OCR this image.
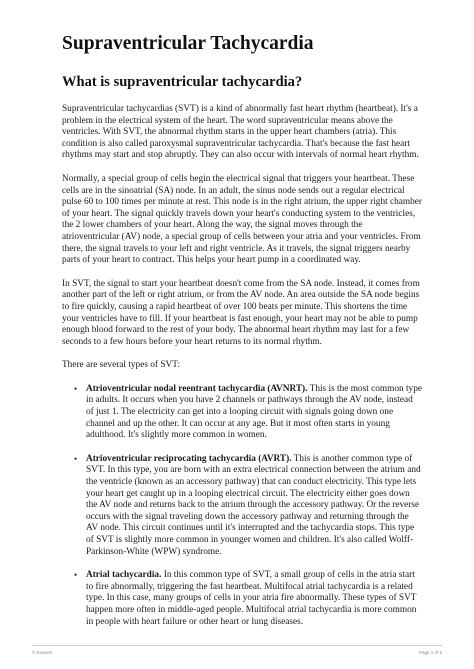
Supraventricular Tachycardia
What is supraventricular tachycardia?

Supraventricular tachycardias (SVT) is a kind of abnormally fast heart rhythm (heartbeat). It's a problem in the electrical system of the heart. The word supraventricular means above the ventricles. With SVT, the abnormal rhythm starts in the upper heart chambers (atria). This condition is also called paroxysmal supraventricular tachycardia. That's because the fast heart rhythms may start and stop abruptly. They can also occur with intervals of normal heart rhythm.

Normally, a special group of cells begin the electrical signal that triggers your heartbeat. These cells are in the sinoatrial (SA) node. In an adult, the sinus node sends out a regular electrical pulse 60 to 100 times per minute at rest. This node is in the right atrium, the upper right chamber of your heart. The signal quickly travels down your heart's conducting system to the ventricles, the 2 lower chambers of your heart. Along the way, the signal moves through the atrioventricular (AV) node, a special group of cells between your atria and your ventricles. From there, the signal travels to your left and right ventricle. As it travels, the signal triggers nearby parts of your heart to contract. This helps your heart pump in a coordinated way.

In SVT, the signal to start your heartbeat doesn't come from the SA node. Instead, it comes from another part of the left or right atrium, or from the AV node. An area outside the SA node begins to fire quickly, causing a rapid heartbeat of over 100 beats per minute. This shortens the time your ventricles have to fill. If your heartbeat is fast enough, your heart may not be able to pump enough blood forward to the rest of your body. The abnormal heart rhythm may last for a few seconds to a few hours before your heart returns to its normal rhythm.

There are several types of SVT:

• Atrioventricular nodal reentrant tachycardia (AVNRT). This is the most common type in adults. It occurs when you have 2 channels or pathways through the AV node, instead of just 1. The electricity can get into a looping circuit with signals going down one channel and up the other. It can occur at any age. But it most often starts in young adulthood. It's slightly more common in women.
• Atrioventricular reciprocating tachycardia (AVRT). This is another common type of SVT. In this type, you are born with an extra electrical connection between the atrium and the ventricle (known as an accessory pathway) that can conduct electricity. This type lets your heart get caught up in a looping electrical circuit. The electricity either goes down the AV node and returns back to the atrium through the accessory pathway. Or the reverse occurs with the signal traveling down the accessory pathway and returning through the AV node. This circuit continues until it's interrupted and the tachycardia stops. This type of SVT is slightly more common in younger women and children. It's also called Wolff-Parkinson-White (WPW) syndrome.
• Atrial tachycardia. In this common type of SVT, a small group of cells in the atria start to fire abnormally, triggering the fast heartbeat. Multifocal atrial tachycardia is a related type. In this case, many groups of cells in your atria fire abnormally. These types of SVT happen more often in middle-aged people. Multifocal atrial tachycardia is more common in people with heart failure or other heart or lung diseases.
© Krames	Page 1 of 5
